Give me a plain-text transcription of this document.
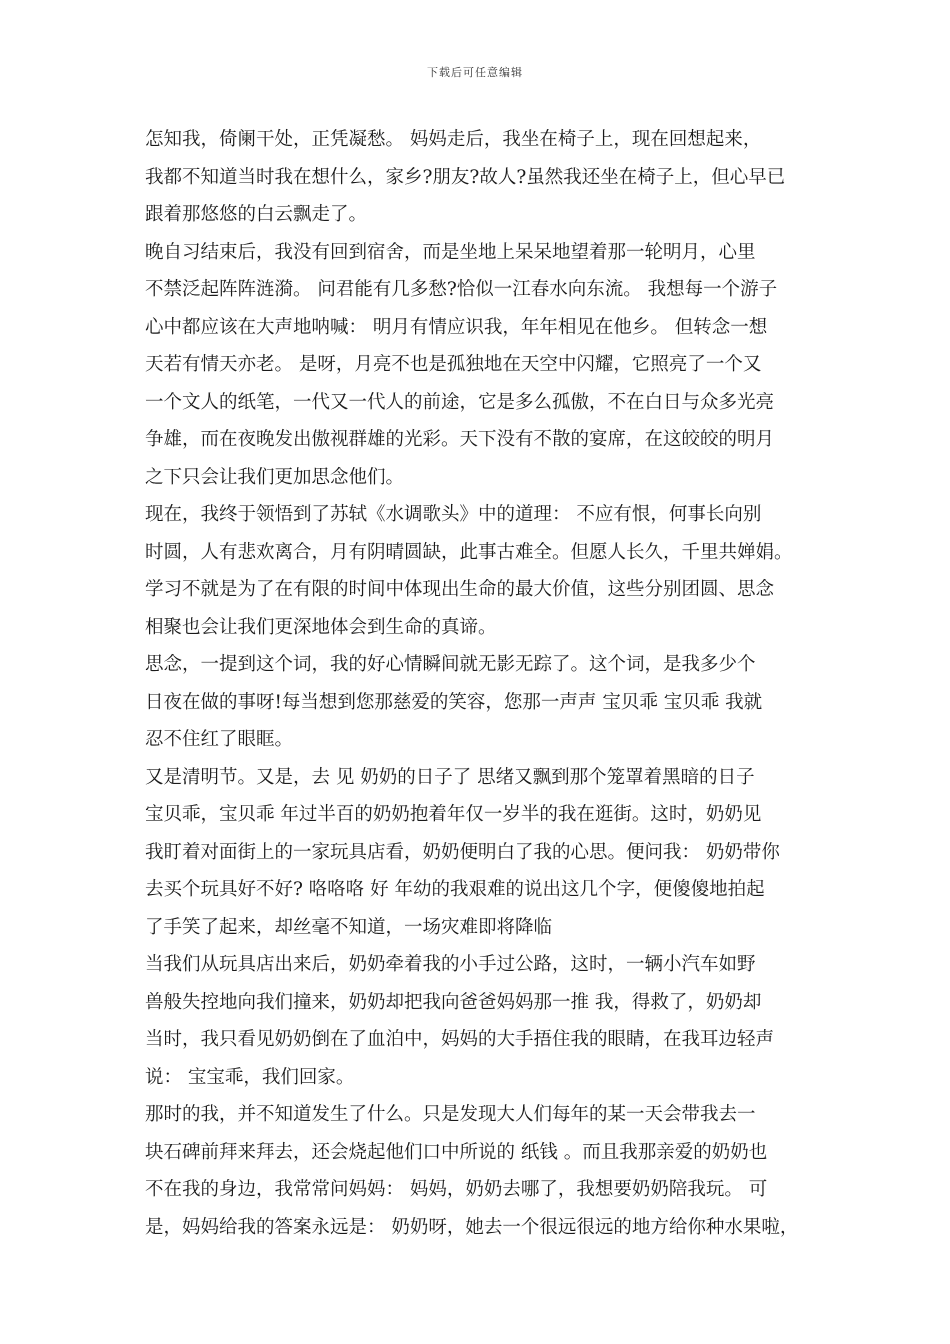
下载后可任意编辑
怎知我，倚阑干处，正凭凝愁。 妈妈走后，我坐在椅子上，现在回想起来，
我都不知道当时我在想什么，家乡?朋友?故人?虽然我还坐在椅子上，但心早已
跟着那悠悠的白云飘走了。
晚自习结束后，我没有回到宿舍，而是坐地上呆呆地望着那一轮明月，心里
不禁泛起阵阵涟漪。 问君能有几多愁?恰似一江春水向东流。 我想每一个游子
心中都应该在大声地呐喊： 明月有情应识我，年年相见在他乡。 但转念一想
天若有情天亦老。 是呀，月亮不也是孤独地在天空中闪耀，它照亮了一个又
一个文人的纸笔，一代又一代人的前途，它是多么孤傲，不在白日与众多光亮
争雄，而在夜晚发出傲视群雄的光彩。天下没有不散的宴席，在这皎皎的明月
之下只会让我们更加思念他们。
现在，我终于领悟到了苏轼《水调歌头》中的道理： 不应有恨，何事长向别
时圆，人有悲欢离合，月有阴晴圆缺，此事古难全。但愿人长久，千里共婵娟。
学习不就是为了在有限的时间中体现出生命的最大价值，这些分别团圆、思念
相聚也会让我们更深地体会到生命的真谛。
思念，一提到这个词，我的好心情瞬间就无影无踪了。这个词，是我多少个
日夜在做的事呀!每当想到您那慈爱的笑容，您那一声声 宝贝乖 宝贝乖 我就
忍不住红了眼眶。
又是清明节。又是，去 见 奶奶的日子了 思绪又飘到那个笼罩着黑暗的日子
宝贝乖，宝贝乖 年过半百的奶奶抱着年仅一岁半的我在逛街。这时，奶奶见
我盯着对面街上的一家玩具店看，奶奶便明白了我的心思。便问我： 奶奶带你
去买个玩具好不好? 咯咯咯 好 年幼的我艰难的说出这几个字，便傻傻地拍起
了手笑了起来，却丝毫不知道，一场灾难即将降临
当我们从玩具店出来后，奶奶牵着我的小手过公路，这时，一辆小汽车如野
兽般失控地向我们撞来，奶奶却把我向爸爸妈妈那一推 我，得救了，奶奶却
当时，我只看见奶奶倒在了血泊中，妈妈的大手捂住我的眼睛，在我耳边轻声
说： 宝宝乖，我们回家。
那时的我，并不知道发生了什么。只是发现大人们每年的某一天会带我去一
块石碑前拜来拜去，还会烧起他们口中所说的 纸钱 。而且我那亲爱的奶奶也
不在我的身边，我常常问妈妈： 妈妈，奶奶去哪了，我想要奶奶陪我玩。 可
是，妈妈给我的答案永远是： 奶奶呀，她去一个很远很远的地方给你种水果啦，
